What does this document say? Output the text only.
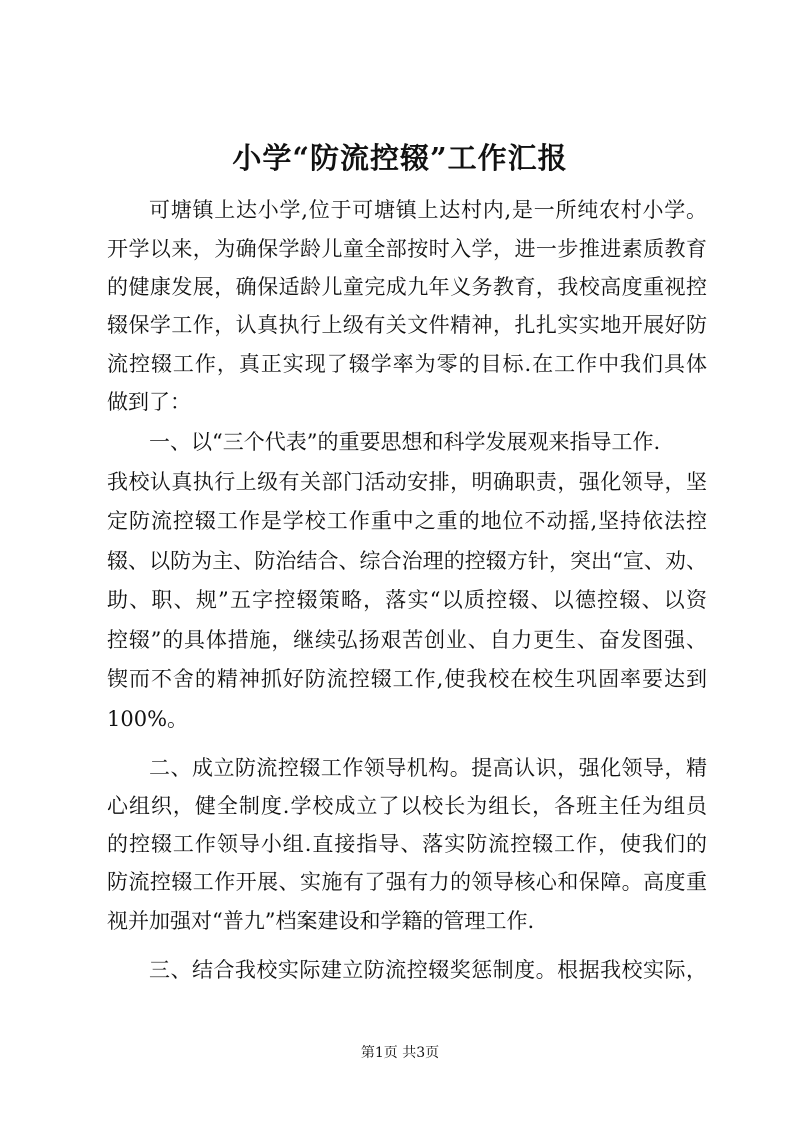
小学“防流控辍”工作汇报

可塘镇上达小学,位于可塘镇上达村内,是一所纯农村小学。

开学以来，为确保学龄儿童全部按时入学，进一步推进素质教育

的健康发展，确保适龄儿童完成九年义务教育，我校高度重视控

辍保学工作，认真执行上级有关文件精神，扎扎实实地开展好防

流控辍工作，真正实现了辍学率为零的目标.在工作中我们具体

做到了：

一、以“三个代表”的重要思想和科学发展观来指导工作.

我校认真执行上级有关部门活动安排，明确职责，强化领导，坚

定防流控辍工作是学校工作重中之重的地位不动摇,坚持依法控

辍、以防为主、防治结合、综合治理的控辍方针，突出“宣、劝、

助、职、规”五字控辍策略，落实“以质控辍、以德控辍、以资

控辍”的具体措施，继续弘扬艰苦创业、自力更生、奋发图强、

锲而不舍的精神抓好防流控辍工作,使我校在校生巩固率要达到

100%。

二、成立防流控辍工作领导机构。提高认识，强化领导，精

心组织，健全制度.学校成立了以校长为组长，各班主任为组员

的控辍工作领导小组.直接指导、落实防流控辍工作，使我们的

防流控辍工作开展、实施有了强有力的领导核心和保障。高度重

视并加强对“普九”档案建设和学籍的管理工作.

三、结合我校实际建立防流控辍奖惩制度。根据我校实际，

第1页 共3页
